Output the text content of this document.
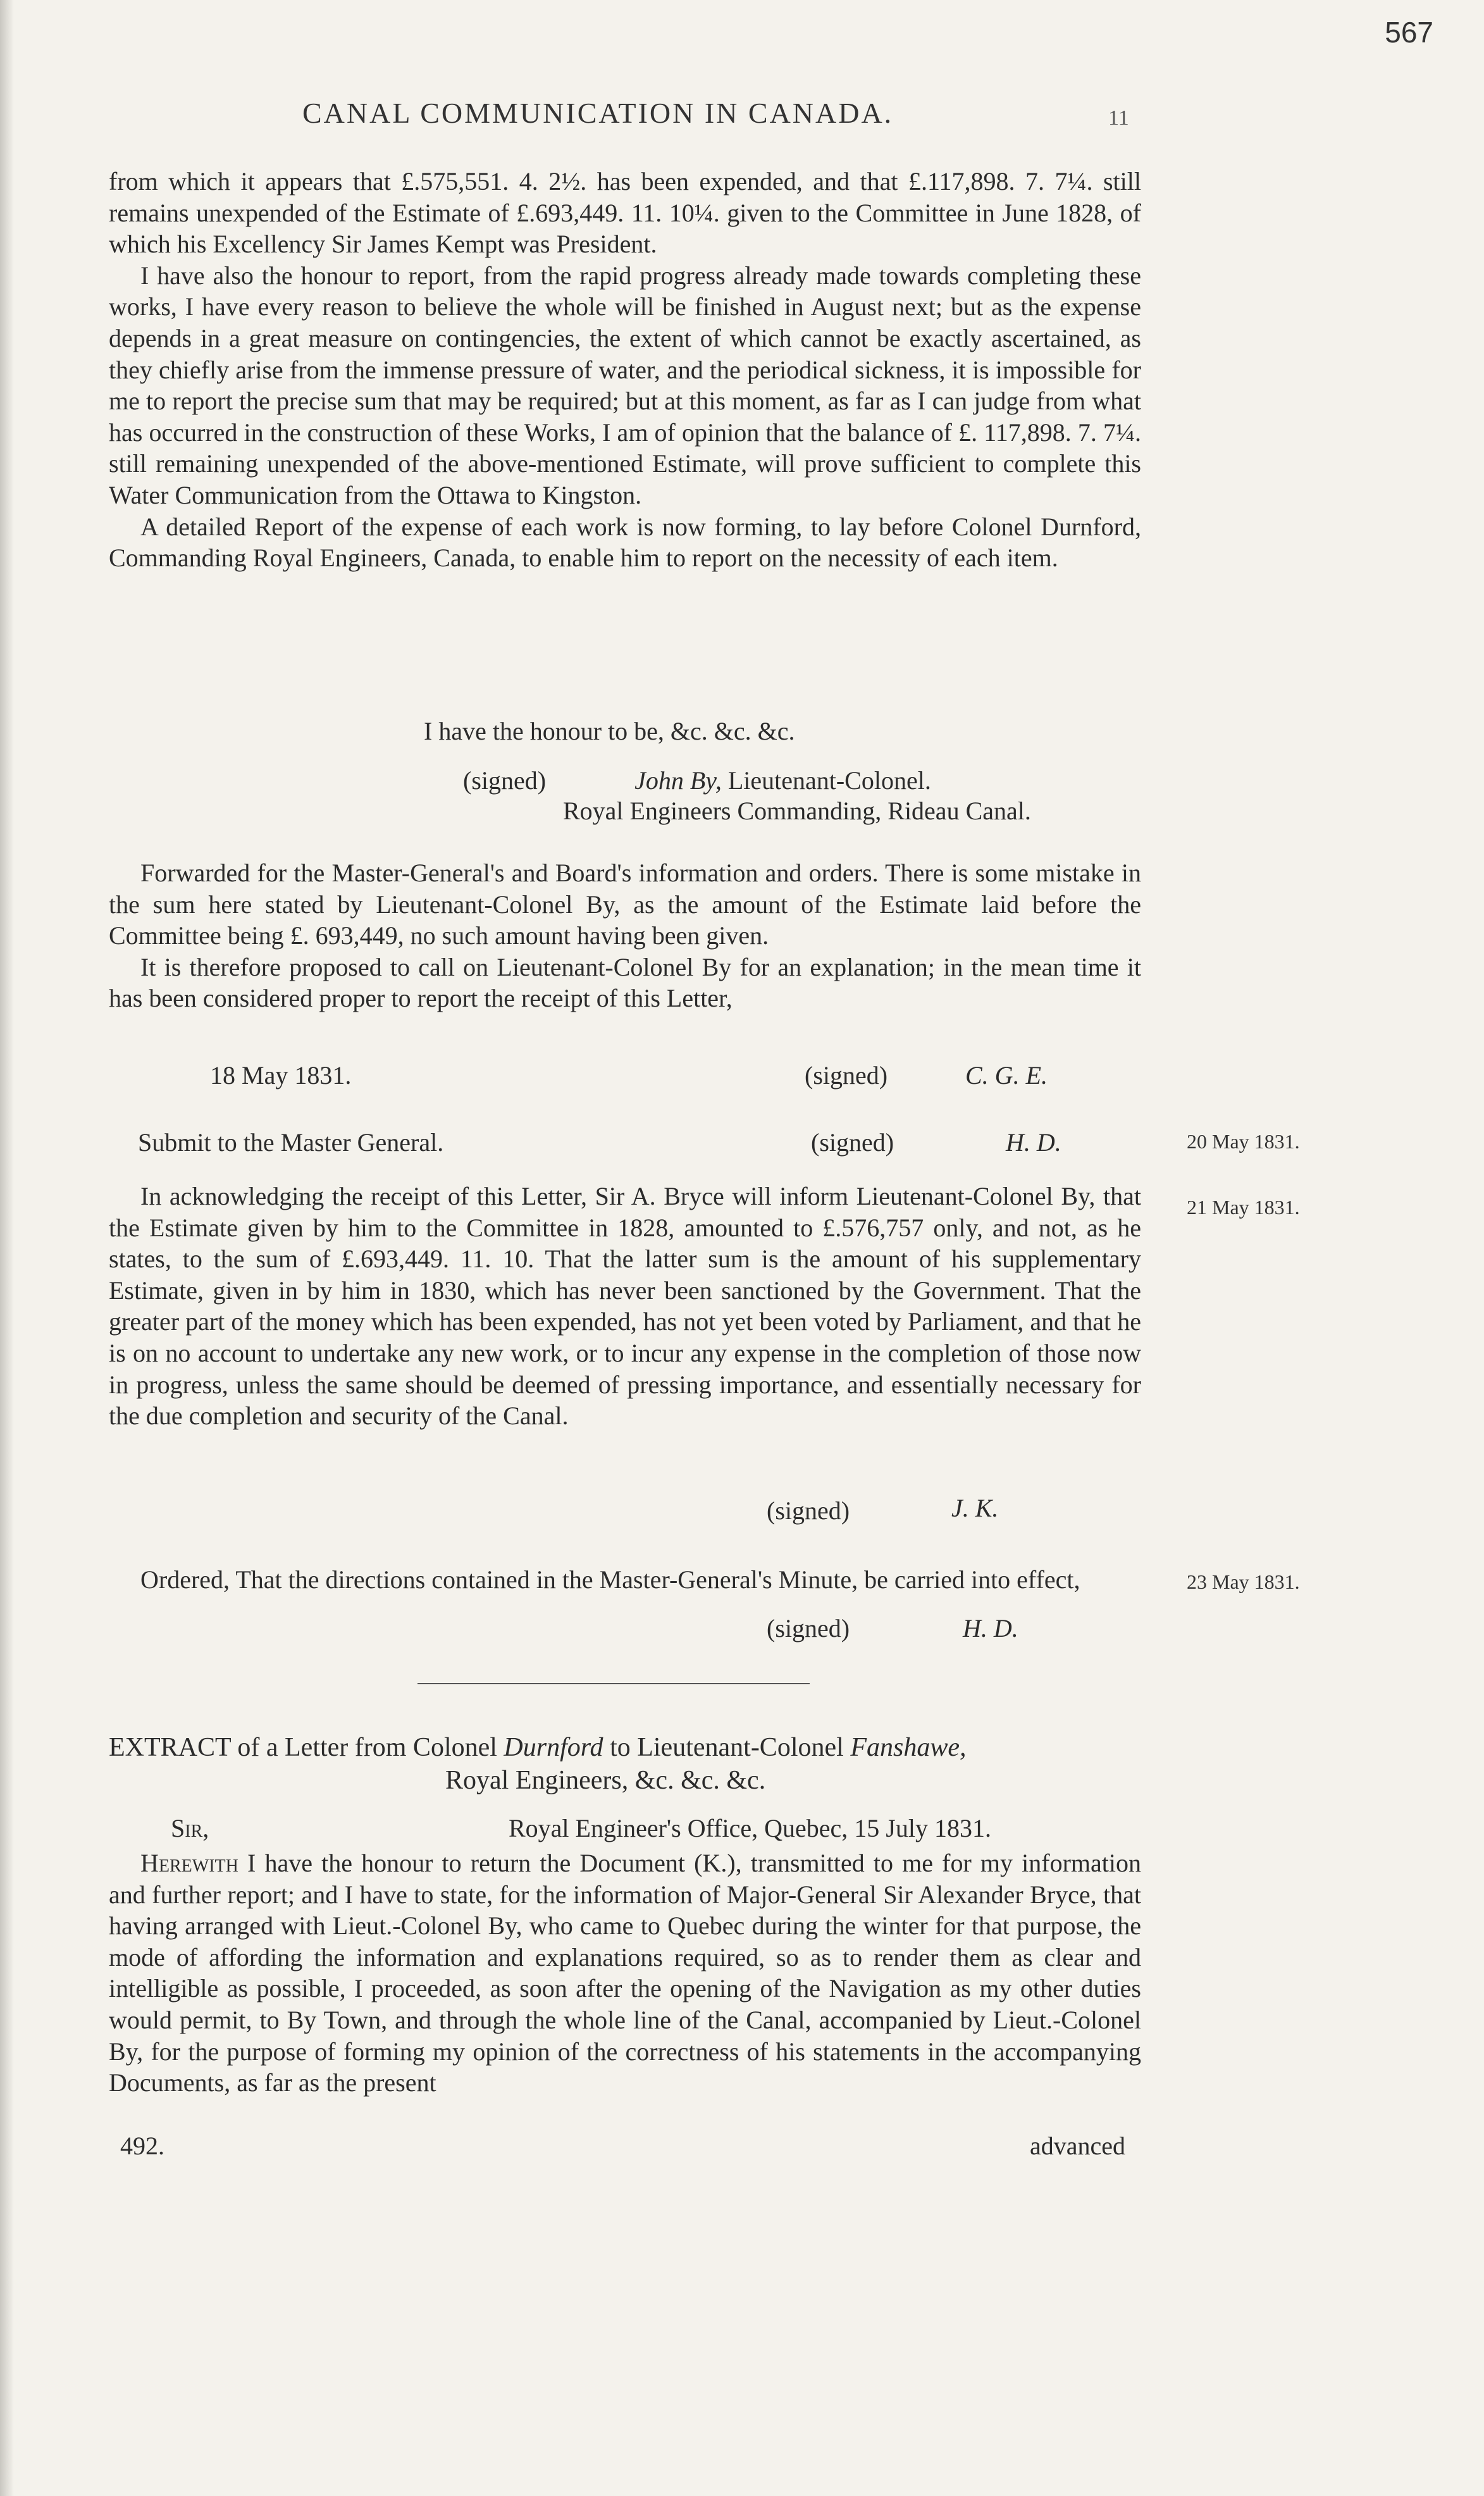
567
CANAL COMMUNICATION IN CANADA.	11

from which it appears that £.575,551. 4. 2½. has been expended, and that £.117,898. 7. 7¼. still remains unexpended of the Estimate of £.693,449. 11. 10¼. given to the Committee in June 1828, of which his Excellency Sir James Kempt was President.

I have also the honour to report, from the rapid progress already made towards completing these works, I have every reason to believe the whole will be finished in August next; but as the expense depends in a great measure on contingencies, the extent of which cannot be exactly ascertained, as they chiefly arise from the immense pressure of water, and the periodical sickness, it is impossible for me to report the precise sum that may be required; but at this moment, as far as I can judge from what has occurred in the construction of these Works, I am of opinion that the balance of £. 117,898. 7. 7¼. still remaining unexpended of the above-mentioned Estimate, will prove sufficient to complete this Water Communication from the Ottawa to Kingston.

A detailed Report of the expense of each work is now forming, to lay before Colonel Durnford, Commanding Royal Engineers, Canada, to enable him to report on the necessity of each item.

I have the honour to be, &c. &c. &c.
(signed)	John By, Lieutenant-Colonel.
Royal Engineers Commanding, Rideau Canal.

Forwarded for the Master-General's and Board's information and orders. There is some mistake in the sum here stated by Lieutenant-Colonel By, as the amount of the Estimate laid before the Committee being £. 693,449, no such amount having been given.

It is therefore proposed to call on Lieutenant-Colonel By for an explanation; in the mean time it has been considered proper to report the receipt of this Letter,

18 May 1831.	(signed)	C. G. E.
Submit to the Master General.	(signed)	H. D.	20 May 1831.

In acknowledging the receipt of this Letter, Sir A. Bryce will inform Lieutenant-Colonel By, that the Estimate given by him to the Committee in 1828, amounted to £.576,757 only, and not, as he states, to the sum of £.693,449. 11. 10. That the latter sum is the amount of his supplementary Estimate, given in by him in 1830, which has never been sanctioned by the Government. That the greater part of the money which has been expended, has not yet been voted by Parliament, and that he is on no account to undertake any new work, or to incur any expense in the completion of those now in progress, unless the same should be deemed of pressing importance, and essentially necessary for the due completion and security of the Canal.

21 May 1831.
(signed)	J. K.

Ordered, That the directions contained in the Master-General's Minute, be carried into effect,	23 May 1831.
(signed)	H. D.
EXTRACT of a Letter from Colonel Durnford to Lieutenant-Colonel Fanshawe,
Royal Engineers, &c. &c. &c.
Sir,	Royal Engineer's Office, Quebec, 15 July 1831.

Herewith I have the honour to return the Document (K.), transmitted to me for my information and further report; and I have to state, for the information of Major-General Sir Alexander Bryce, that having arranged with Lieut.-Colonel By, who came to Quebec during the winter for that purpose, the mode of affording the information and explanations required, so as to render them as clear and intelligible as possible, I proceeded, as soon after the opening of the Navigation as my other duties would permit, to By Town, and through the whole line of the Canal, accompanied by Lieut.-Colonel By, for the purpose of forming my opinion of the correctness of his statements in the accompanying Documents, as far as the present

492.	advanced
